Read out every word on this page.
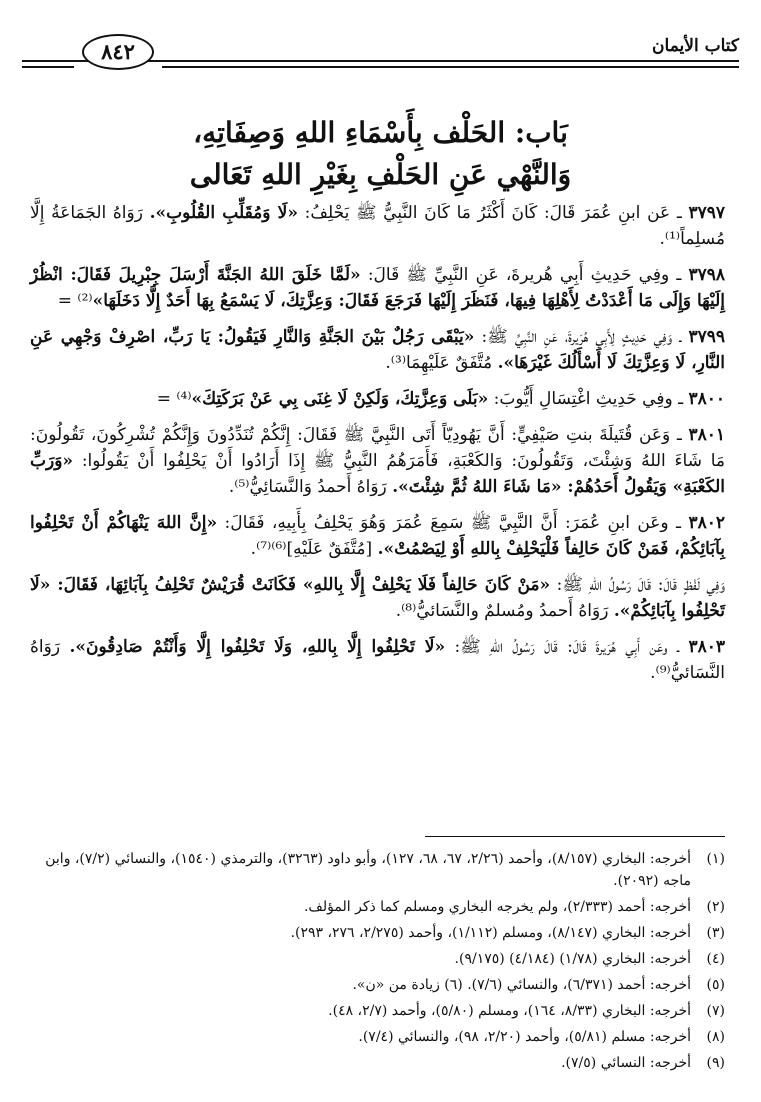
كتاب الأيمان
٨٤٢
بَاب: الحَلْف بِأَسْمَاءِ اللهِ وَصِفَاتِهِ،
وَالنَّهْي عَنِ الحَلْفِ بِغَيْرِ اللهِ تَعَالى

٣٧٩٧ ـ عَن ابنِ عُمَرَ قَالَ: كَانَ أَكْثَرُ مَا كَانَ النَّبِيُّ ﷺ يَحْلِفُ: «لَا وَمُقَلِّبِ القُلُوبِ». رَوَاهُ الجَمَاعَةُ إِلَّا مُسلِماً⁽¹⁾.

٣٧٩٨ ـ وفِي حَدِيثِ أَبِي هُريرةَ، عَنِ النَّبِيِّ ﷺ قَالَ: «لَمَّا خَلَقَ اللهُ الجَنَّةَ أَرْسَلَ جِبْرِيلَ فَقَالَ: انْظُرْ إِلَيْهَا وَإِلَى مَا أَعْدَدْتُ لِأَهْلِهَا فِيهَا، فَنَظَرَ إِلَيْهَا فَرَجَعَ فَقَالَ: وَعِزَّتِكَ، لَا يَسْمَعُ بِهَا أَحَدٌ إِلَّا دَخَلَهَا»⁽²⁾ =

٣٧٩٩ ـ وَفِي حَدِيثٍ لِأَبِي هُرَيرةَ، عَنِ النَّبِيِّ ﷺ: «يَبْقَى رَجُلٌ بَيْنَ الجَنَّةِ وَالنَّارِ فَيَقُولُ: يَا رَبِّ، اصْرِفْ وَجْهِي عَنِ النَّارِ، لَا وَعِزَّتِكَ لَا أَسْأَلُكَ غَيْرَهَا». مُتَّفَقٌ عَلَيْهِمَا⁽³⁾.

٣٨٠٠ ـ وفِي حَدِيثِ اغْتِسَالِ أَيُّوبَ: «بَلَى وَعِزَّتِكَ، وَلَكِنْ لَا غِنَى بِي عَنْ بَرَكَتِكَ»⁽⁴⁾ =

٣٨٠١ ـ وَعَن قُتَيلَةَ بنتِ صَيْفِيٍّ: أَنَّ يَهُودِيّاً أَتَى النَّبِيَّ ﷺ فَقَالَ: إِنَّكُمْ تُنَدِّدُونَ وَإِنَّكُمْ تُشْرِكُونَ، تَقُولُونَ: مَا شَاءَ اللهُ وَشِئْتَ، وَتَقُولُونَ: وَالكَعْبَةِ، فَأَمَرَهُمُ النَّبِيُّ ﷺ إِذَا أَرَادُوا أَنْ يَحْلِفُوا أَنْ يَقُولُوا: «وَرَبِّ الكَعْبَةِ» وَيَقُولُ أَحَدُهُمْ: «مَا شَاءَ اللهُ ثُمَّ شِئْتَ». رَوَاهُ أَحمدُ وَالنَّسَائِيُّ⁽⁵⁾.

٣٨٠٢ ـ وعَن ابنِ عُمَرَ: أَنَّ النَّبِيَّ ﷺ سَمِعَ عُمَرَ وَهُوَ يَحْلِفُ بِأَبِيهِ، فَقَالَ: «إِنَّ اللهَ يَنْهَاكُمْ أَنْ تَحْلِفُوا بِآبَائِكُمْ، فَمَنْ كَانَ حَالِفاً فَلْيَحْلِفْ بِاللهِ أَوْ لِيَصْمُتْ». [مُتَّفَقٌ عَلَيْهِ]⁽⁶⁾⁽⁷⁾.

وَفِي لَفْظٍ قَالَ: قَالَ رَسُولُ اللهِ ﷺ: «مَنْ كَانَ حَالِفاً فَلَا يَحْلِفْ إِلَّا بِاللهِ» فَكَانَتْ قُرَيْشٌ تَحْلِفُ بِآبَائِهَا، فَقَالَ: «لَا تَحْلِفُوا بِآبَائِكُمْ». رَوَاهُ أَحمدُ ومُسلمٌ والنَّسَائيُّ⁽⁸⁾.

٣٨٠٣ ـ وعَن أَبِي هُرَيرةَ قَالَ: قَالَ رَسُولُ اللهِ ﷺ: «لَا تَحْلِفُوا إِلَّا بِاللهِ، وَلَا تَحْلِفُوا إِلَّا وَأَنْتُمْ صَادِقُونَ». رَوَاهُ النَّسَائيُّ⁽⁹⁾.

(١)
أخرجه: البخاري (٨/١٥٧)، وأحمد (٢/٢٦، ٦٧، ٦٨، ١٢٧)، وأبو داود (٣٢٦٣)، والترمذي (١٥٤٠)، والنسائي (٧/٢)، وابن ماجه (٢٠٩٢).
(٢)
أخرجه: أحمد (٢/٣٣٣)، ولم يخرجه البخاري ومسلم كما ذكر المؤلف.
(٣)
أخرجه: البخاري (٨/١٤٧)، ومسلم (١/١١٢)، وأحمد (٢/٢٧٥، ٢٧٦، ٢٩٣).
(٤)
أخرجه: البخاري (١/٧٨) (٤/١٨٤) (٩/١٧٥).
(٥)
أخرجه: أحمد (٦/٣٧١)، والنسائي (٧/٦). (٦) زيادة من «ن».
(٧)
أخرجه: البخاري (٨/٣٣، ١٦٤)، ومسلم (٥/٨٠)، وأحمد (٢/٧، ٤٨).
(٨)
أخرجه: مسلم (٥/٨١)، وأحمد (٢/٢٠، ٩٨)، والنسائي (٧/٤).
(٩)
أخرجه: النسائي (٧/٥).
